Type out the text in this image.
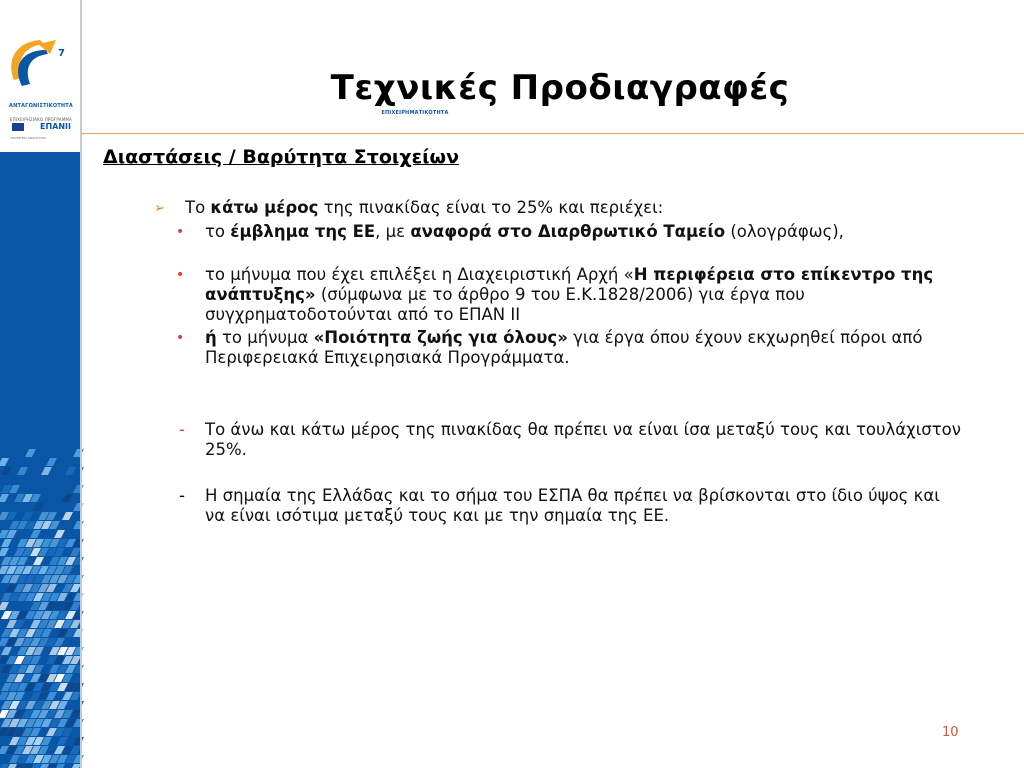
7
ΑΝΤΑΓΩΝΙΣΤΙΚΟΤΗΤΑ
ΕΠΙΧΕΙΡΗΜΑΤΙΚΟΤΗΤΑ
ΕΠΙΧΕΙΡΗΣΙΑΚΟ ΠΡΟΓΡΑΜΜΑ
ΕΠΑΝΙΙ
ΥΠΟΥΡΓΕΙΟ ΑΝΑΠΤΥΞΗΣ
Τεχνικές Προδιαγραφές
Διαστάσεις / Βαρύτητα Στοιχείων
➢ Το κάτω μέρος της πινακίδας είναι το 25% και περιέχει:
• το έμβλημα της ΕΕ, με αναφορά στο Διαρθρωτικό Ταμείο (ολογράφως),
• το μήνυμα που έχει επιλέξει η Διαχειριστική Αρχή «Η περιφέρεια στο επίκεντρο της ανάπτυξης» (σύμφωνα με το άρθρο 9 του Ε.Κ.1828/2006) για έργα που συγχρηματοδοτούνται από το ΕΠΑΝ ΙΙ
• ή το μήνυμα «Ποιότητα ζωής για όλους» για έργα όπου έχουν εκχωρηθεί πόροι από Περιφερειακά Επιχειρησιακά Προγράμματα.
- Το άνω και κάτω μέρος της πινακίδας θα πρέπει να είναι ίσα μεταξύ τους και τουλάχιστον 25%.
- Η σημαία της Ελλάδας και το σήμα του ΕΣΠΑ θα πρέπει να βρίσκονται στο ίδιο ύψος και να είναι ισότιμα μεταξύ τους και με την σημαία της ΕΕ.
10
